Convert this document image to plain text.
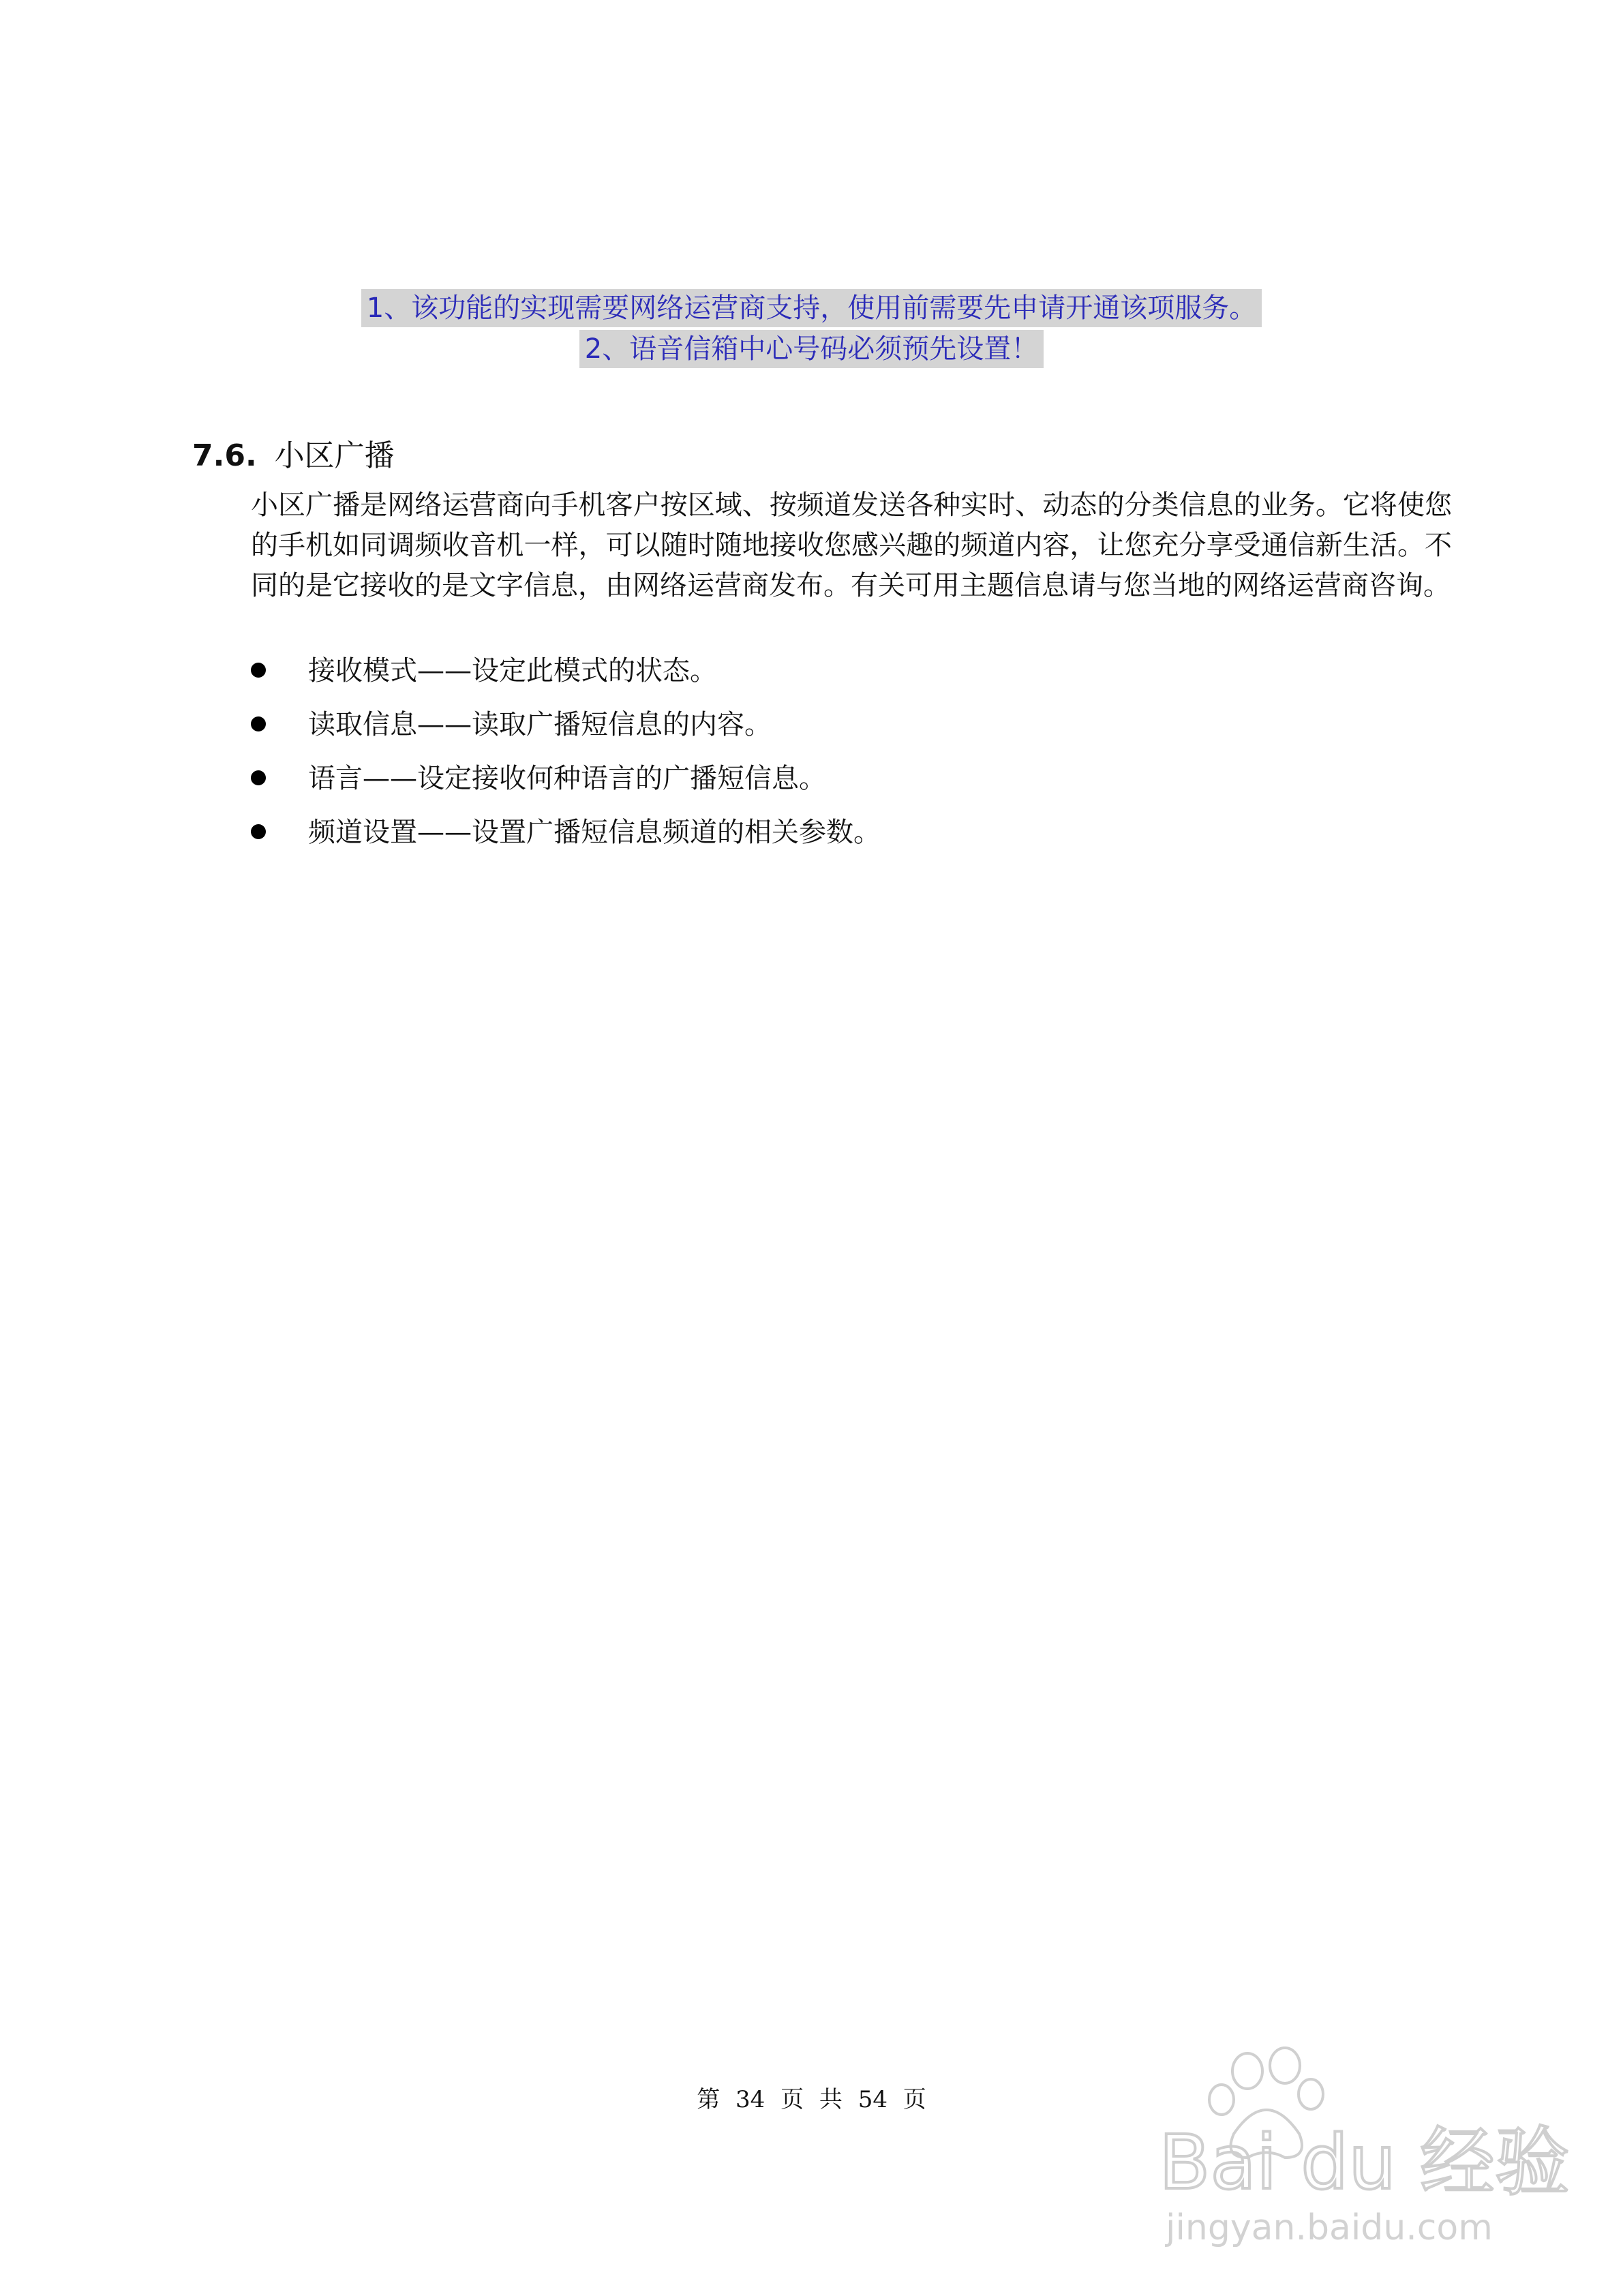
1、该功能的实现需要网络运营商支持，使用前需要先申请开通该项服务。

2、语音信箱中心号码必须预先设置！

7.6. 小区广播

小区广播是网络运营商向手机客户按区域、按频道发送各种实时、动态的分类信息的业务。它将使您的手机如同调频收音机一样，可以随时随地接收您感兴趣的频道内容，让您充分享受通信新生活。不同的是它接收的是文字信息，由网络运营商发布。有关可用主题信息请与您当地的网络运营商咨询。

接收模式——设定此模式的状态。
读取信息——读取广播短信息的内容。
语言——设定接收何种语言的广播短信息。
频道设置——设置广播短信息频道的相关参数。
第 34 页 共 54 页
Bai du 经验
jingyan.baidu.com
